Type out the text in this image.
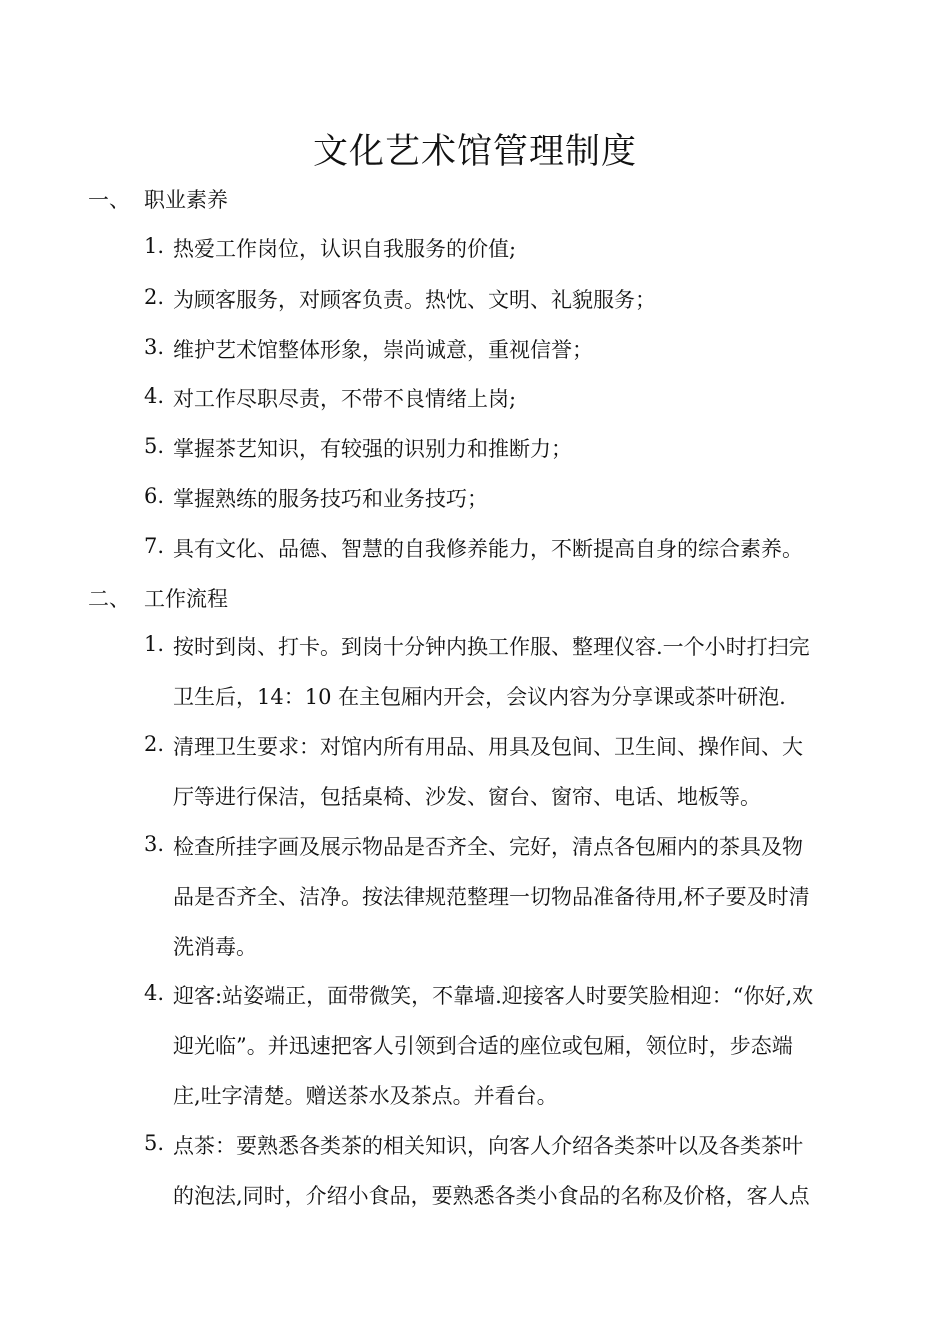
文化艺术馆管理制度
一、 职业素养
1. 热爱工作岗位，认识自我服务的价值;
2. 为顾客服务，对顾客负责。热忱、文明、礼貌服务；
3. 维护艺术馆整体形象，崇尚诚意，重视信誉；
4. 对工作尽职尽责，不带不良情绪上岗;
5. 掌握茶艺知识，有较强的识别力和推断力；
6. 掌握熟练的服务技巧和业务技巧；
7. 具有文化、品德、智慧的自我修养能力，不断提高自身的综合素养。
二、 工作流程
1. 按时到岗、打卡。到岗十分钟内换工作服、整理仪容.一个小时打扫完
卫生后，14：10 在主包厢内开会，会议内容为分享课或茶叶研泡.
2. 清理卫生要求：对馆内所有用品、用具及包间、卫生间、操作间、大
厅等进行保洁，包括桌椅、沙发、窗台、窗帘、电话、地板等。
3. 检查所挂字画及展示物品是否齐全、完好，清点各包厢内的茶具及物
品是否齐全、洁净。按法律规范整理一切物品准备待用,杯子要及时清
洗消毒。
4. 迎客:站姿端正，面带微笑，不靠墙.迎接客人时要笑脸相迎：“你好,欢
迎光临”。并迅速把客人引领到合适的座位或包厢，领位时，步态端
庄,吐字清楚。赠送茶水及茶点。并看台。
5. 点茶：要熟悉各类茶的相关知识，向客人介绍各类茶叶以及各类茶叶
的泡法,同时，介绍小食品，要熟悉各类小食品的名称及价格，客人点
